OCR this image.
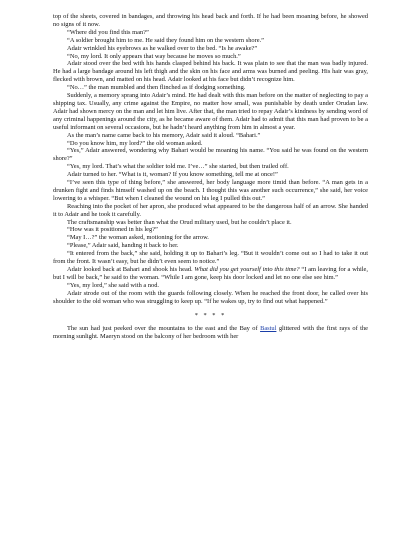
top of the sheets, covered in bandages, and throwing his head back and forth. If he had been moaning before, he showed no signs of it now.

“Where did you find this man?”

“A soldier brought him to me. He said they found him on the western shore.”

Adair wrinkled his eyebrows as he walked over to the bed. “Is he awake?”

“No, my lord. It only appears that way because he moves so much.”

Adair stood over the bed with his hands clasped behind his back. It was plain to see that the man was badly injured. He had a large bandage around his left thigh and the skin on his face and arms was burned and peeling. His hair was gray, flecked with brown, and matted on his head. Adair looked at his face but didn’t recognize him.

“No…” the man mumbled and then flinched as if dodging something.

Suddenly, a memory sprang into Adair’s mind. He had dealt with this man before on the matter of neglecting to pay a shipping tax. Usually, any crime against the Empire, no matter how small, was punishable by death under Orudan law. Adair had shown mercy on the man and let him live. After that, the man tried to repay Adair’s kindness by sending word of any criminal happenings around the city, as he became aware of them. Adair had to admit that this man had proven to be a useful informant on several occasions, but he hadn’t heard anything from him in almost a year.

As the man’s name came back to his memory, Adair said it aloud. “Bahari.”

“Do you know him, my lord?” the old woman asked.

“Yes,” Adair answered, wondering why Bahari would be moaning his name. “You said he was found on the western shore?”

“Yes, my lord. That’s what the soldier told me. I’ve…” she started, but then trailed off.

Adair turned to her. “What is it, woman? If you know something, tell me at once!”

“I’ve seen this type of thing before,” she answered, her body language more timid than before. “A man gets in a drunken fight and finds himself washed up on the beach. I thought this was another such occurrence,” she said, her voice lowering to a whisper. “But when I cleaned the wound on his leg I pulled this out.”

Reaching into the pocket of her apron, she produced what appeared to be the dangerous half of an arrow. She handed it to Adair and he took it carefully.

The craftsmanship was better than what the Orud military used, but he couldn’t place it.

“How was it positioned in his leg?”

“May I…?” the woman asked, motioning for the arrow.

“Please,” Adair said, handing it back to her.

“It entered from the back,” she said, holding it up to Bahari’s leg. “But it wouldn’t come out so I had to take it out from the front. It wasn’t easy, but he didn’t even seem to notice.”

Adair looked back at Bahari and shook his head. What did you get yourself into this time? “I am leaving for a while, but I will be back,” he said to the woman. “While I am gone, keep his door locked and let no one else see him.”

“Yes, my lord,” she said with a nod.

Adair strode out of the room with the guards following closely. When he reached the front door, he called over his shoulder to the old woman who was struggling to keep up. “If he wakes up, try to find out what happened.”

* * * *

The sun had just peeked over the mountains to the east and the Bay of Bastul glittered with the first rays of the morning sunlight. Maeryn stood on the balcony of her bedroom with her
